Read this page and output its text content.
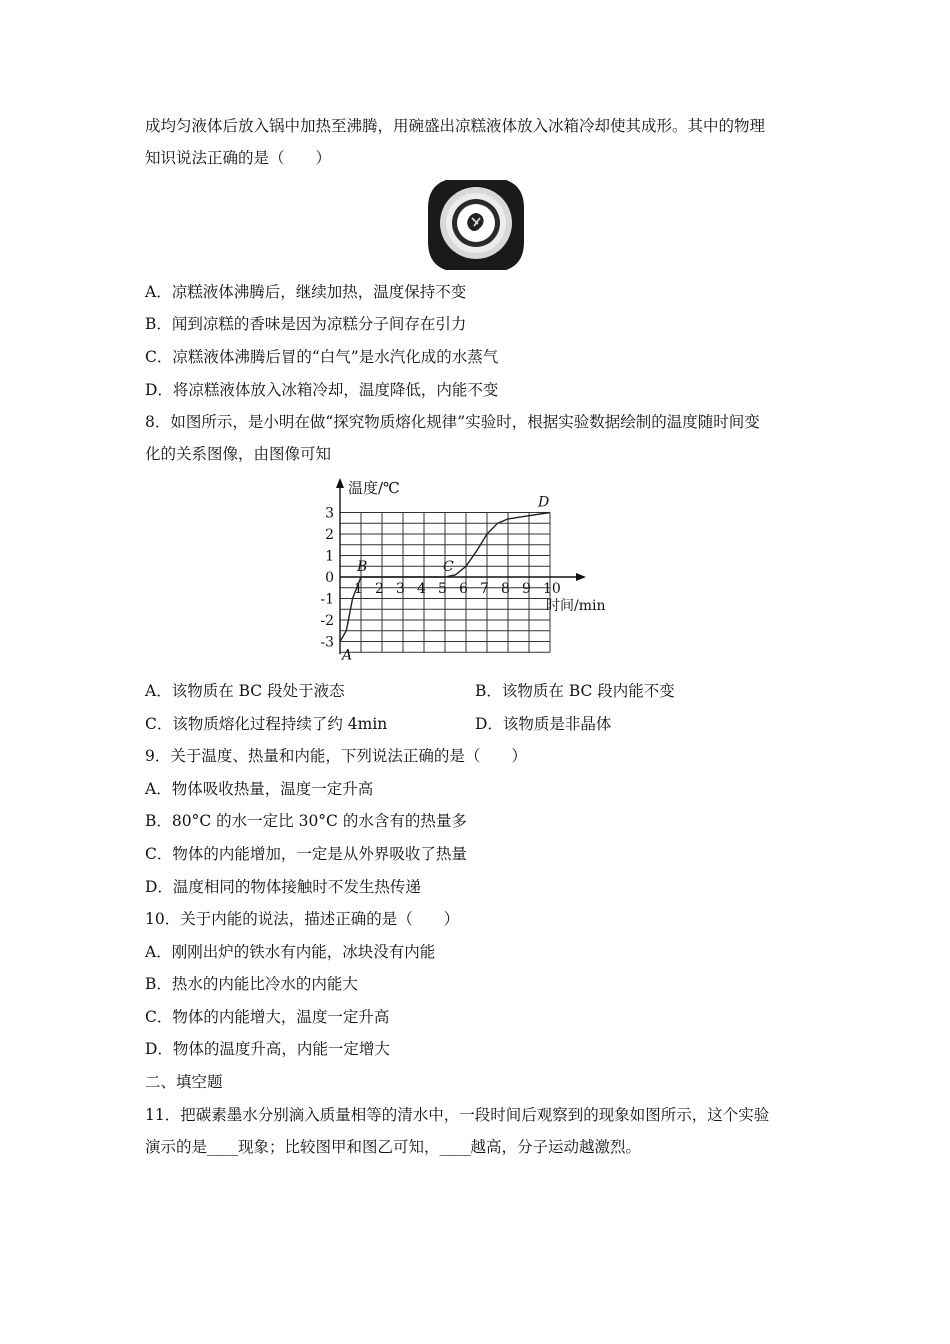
成均匀液体后放入锅中加热至沸腾，用碗盛出凉糕液体放入冰箱冷却使其成形。其中的物理
知识说法正确的是（　　）
A．凉糕液体沸腾后，继续加热，温度保持不变
B．闻到凉糕的香味是因为凉糕分子间存在引力
C．凉糕液体沸腾后冒的“白气”是水汽化成的水蒸气
D．将凉糕液体放入冰箱冷却，温度降低，内能不变
8．如图所示，是小明在做“探究物质熔化规律”实验时，根据实验数据绘制的温度随时间变
化的关系图像，由图像可知
1 2 3 4 5 6 7 8 9 10
3
2
1
0
-1
-2
-3
A
B	C
D
温度/℃
时间/min
A．该物质在 BC 段处于液态	B．该物质在 BC 段内能不变
C．该物质熔化过程持续了约 4min	D．该物质是非晶体
9．关于温度、热量和内能，下列说法正确的是（　　）
A．物体吸收热量，温度一定升高
B．80°C 的水一定比 30°C 的水含有的热量多
C．物体的内能增加，一定是从外界吸收了热量
D．温度相同的物体接触时不发生热传递
10．关于内能的说法，描述正确的是（　　）
A．刚刚出炉的铁水有内能，冰块没有内能
B．热水的内能比冷水的内能大
C．物体的内能增大，温度一定升高
D．物体的温度升高，内能一定增大
二、填空题
11．把碳素墨水分别滴入质量相等的清水中，一段时间后观察到的现象如图所示，这个实验
演示的是____现象；比较图甲和图乙可知，____越高，分子运动越激烈。
